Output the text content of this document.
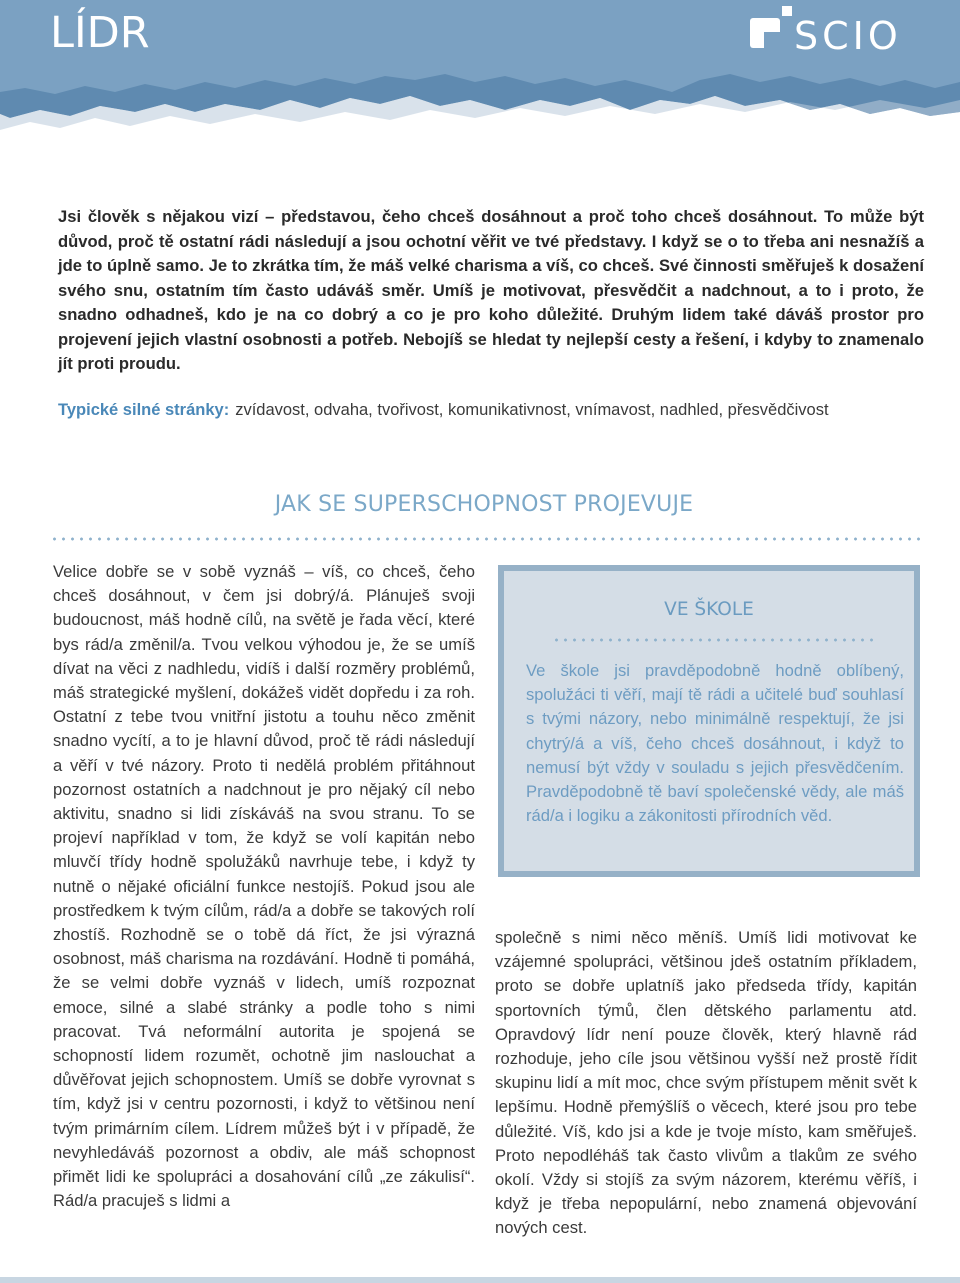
LÍDR	SCIO

Jsi člověk s nějakou vizí – představou, čeho chceš dosáhnout a proč toho chceš dosáhnout. To může být důvod, proč tě ostatní rádi následují a jsou ochotní věřit ve tvé představy. I když se o to třeba ani nesnažíš a jde to úplně samo. Je to zkrátka tím, že máš velké charisma a víš, co chceš. Své činnosti směřuješ k dosažení svého snu, ostatním tím často udáváš směr. Umíš je motivovat, přesvědčit a nadchnout, a to i proto, že snadno odhadneš, kdo je na co dobrý a co je pro koho důležité. Druhým lidem také dáváš prostor pro projevení jejich vlastní osobnosti a potřeb. Nebojíš se hledat ty nejlepší cesty a řešení, i kdyby to znamenalo jít proti proudu.

Typické silné stránky: zvídavost, odvaha, tvořivost, komunikativnost, vnímavost, nadhled, přesvědčivost
JAK SE SUPERSCHOPNOST PROJEVUJE

Velice dobře se v sobě vyznáš – víš, co chceš, čeho chceš dosáhnout, v čem jsi dobrý/á. Plánuješ svoji budoucnost, máš hodně cílů, na světě je řada věcí, které bys rád/a změnil/a. Tvou velkou výhodou je, že se umíš dívat na věci z nadhledu, vidíš i další rozměry problémů, máš strategické myšlení, dokážeš vidět dopředu i za roh. Ostatní z tebe tvou vnitřní jistotu a touhu něco změnit snadno vycítí, a to je hlavní důvod, proč tě rádi následují a věří v tvé názory. Proto ti nedělá problém přitáhnout pozornost ostatních a nadchnout je pro nějaký cíl nebo aktivitu, snadno si lidi získáváš na svou stranu. To se projeví například v tom, že když se volí kapitán nebo mluvčí třídy hodně spolužáků navrhuje tebe, i když ty nutně o nějaké oficiální funkce nestojíš. Pokud jsou ale prostředkem k tvým cílům, rád/a a dobře se takových rolí zhostíš. Rozhodně se o tobě dá říct, že jsi výrazná osobnost, máš charisma na rozdávání. Hodně ti pomáhá, že se velmi dobře vyznáš v lidech, umíš rozpoznat emoce, silné a slabé stránky a podle toho s nimi pracovat. Tvá neformální autorita je spojená se schopností lidem rozumět, ochotně jim naslouchat a důvěřovat jejich schopnostem. Umíš se dobře vyrovnat s tím, když jsi v centru pozornosti, i když to většinou není tvým primárním cílem. Lídrem můžeš být i v případě, že nevyhledáváš pozornost a obdiv, ale máš schopnost přimět lidi ke spolupráci a dosahování cílů „ze zákulisí“. Rád/a pracuješ s lidmi a

VE ŠKOLE

Ve škole jsi pravděpodobně hodně oblíbený, spolužáci ti věří, mají tě rádi a učitelé buď souhlasí s tvými názory, nebo minimálně respektují, že jsi chytrý/á a víš, čeho chceš dosáhnout, i když to nemusí být vždy v souladu s jejich přesvědčením. Pravděpodobně tě baví společenské vědy, ale máš rád/a i logiku a zákonitosti přírodních věd.

společně s nimi něco měníš. Umíš lidi motivovat ke vzájemné spolupráci, většinou jdeš ostatním příkladem, proto se dobře uplatníš jako předseda třídy, kapitán sportovních týmů, člen dětského parlamentu atd. Opravdový lídr není pouze člověk, který hlavně rád rozhoduje, jeho cíle jsou většinou vyšší než prostě řídit skupinu lidí a mít moc, chce svým přístupem měnit svět k lepšímu. Hodně přemýšlíš o věcech, které jsou pro tebe důležité. Víš, kdo jsi a kde je tvoje místo, kam směřuješ. Proto nepodléháš tak často vlivům a tlakům ze svého okolí. Vždy si stojíš za svým názorem, kterému věříš, i když je třeba nepopulární, nebo znamená objevování nových cest.
